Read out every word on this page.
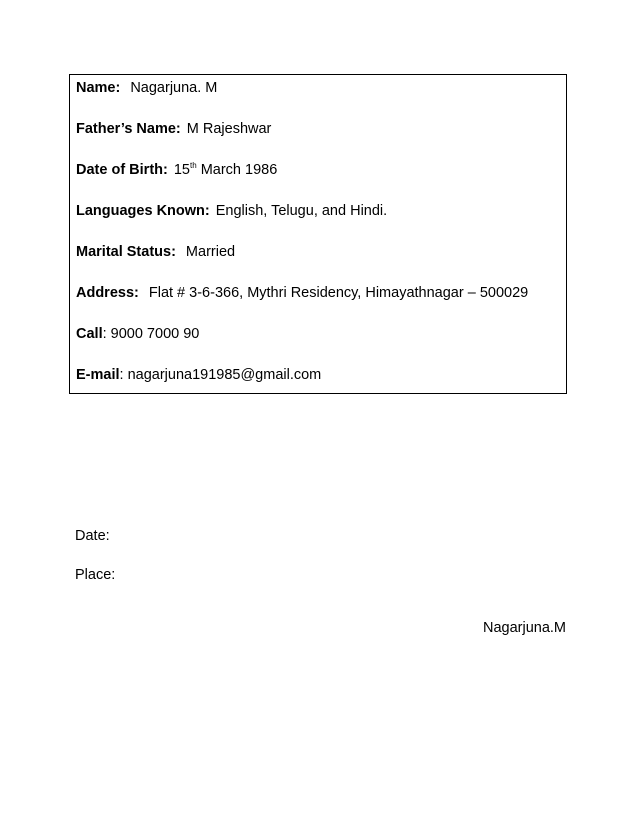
Name: Nagarjuna. M
Father’s Name: M Rajeshwar
Date of Birth: 15th March 1986
Languages Known: English, Telugu, and Hindi.
Marital Status: Married
Address: Flat # 3-6-366, Mythri Residency, Himayathnagar – 500029
Call: 9000 7000 90
E-mail: nagarjuna191985@gmail.com
Date:
Place:
Nagarjuna.M
